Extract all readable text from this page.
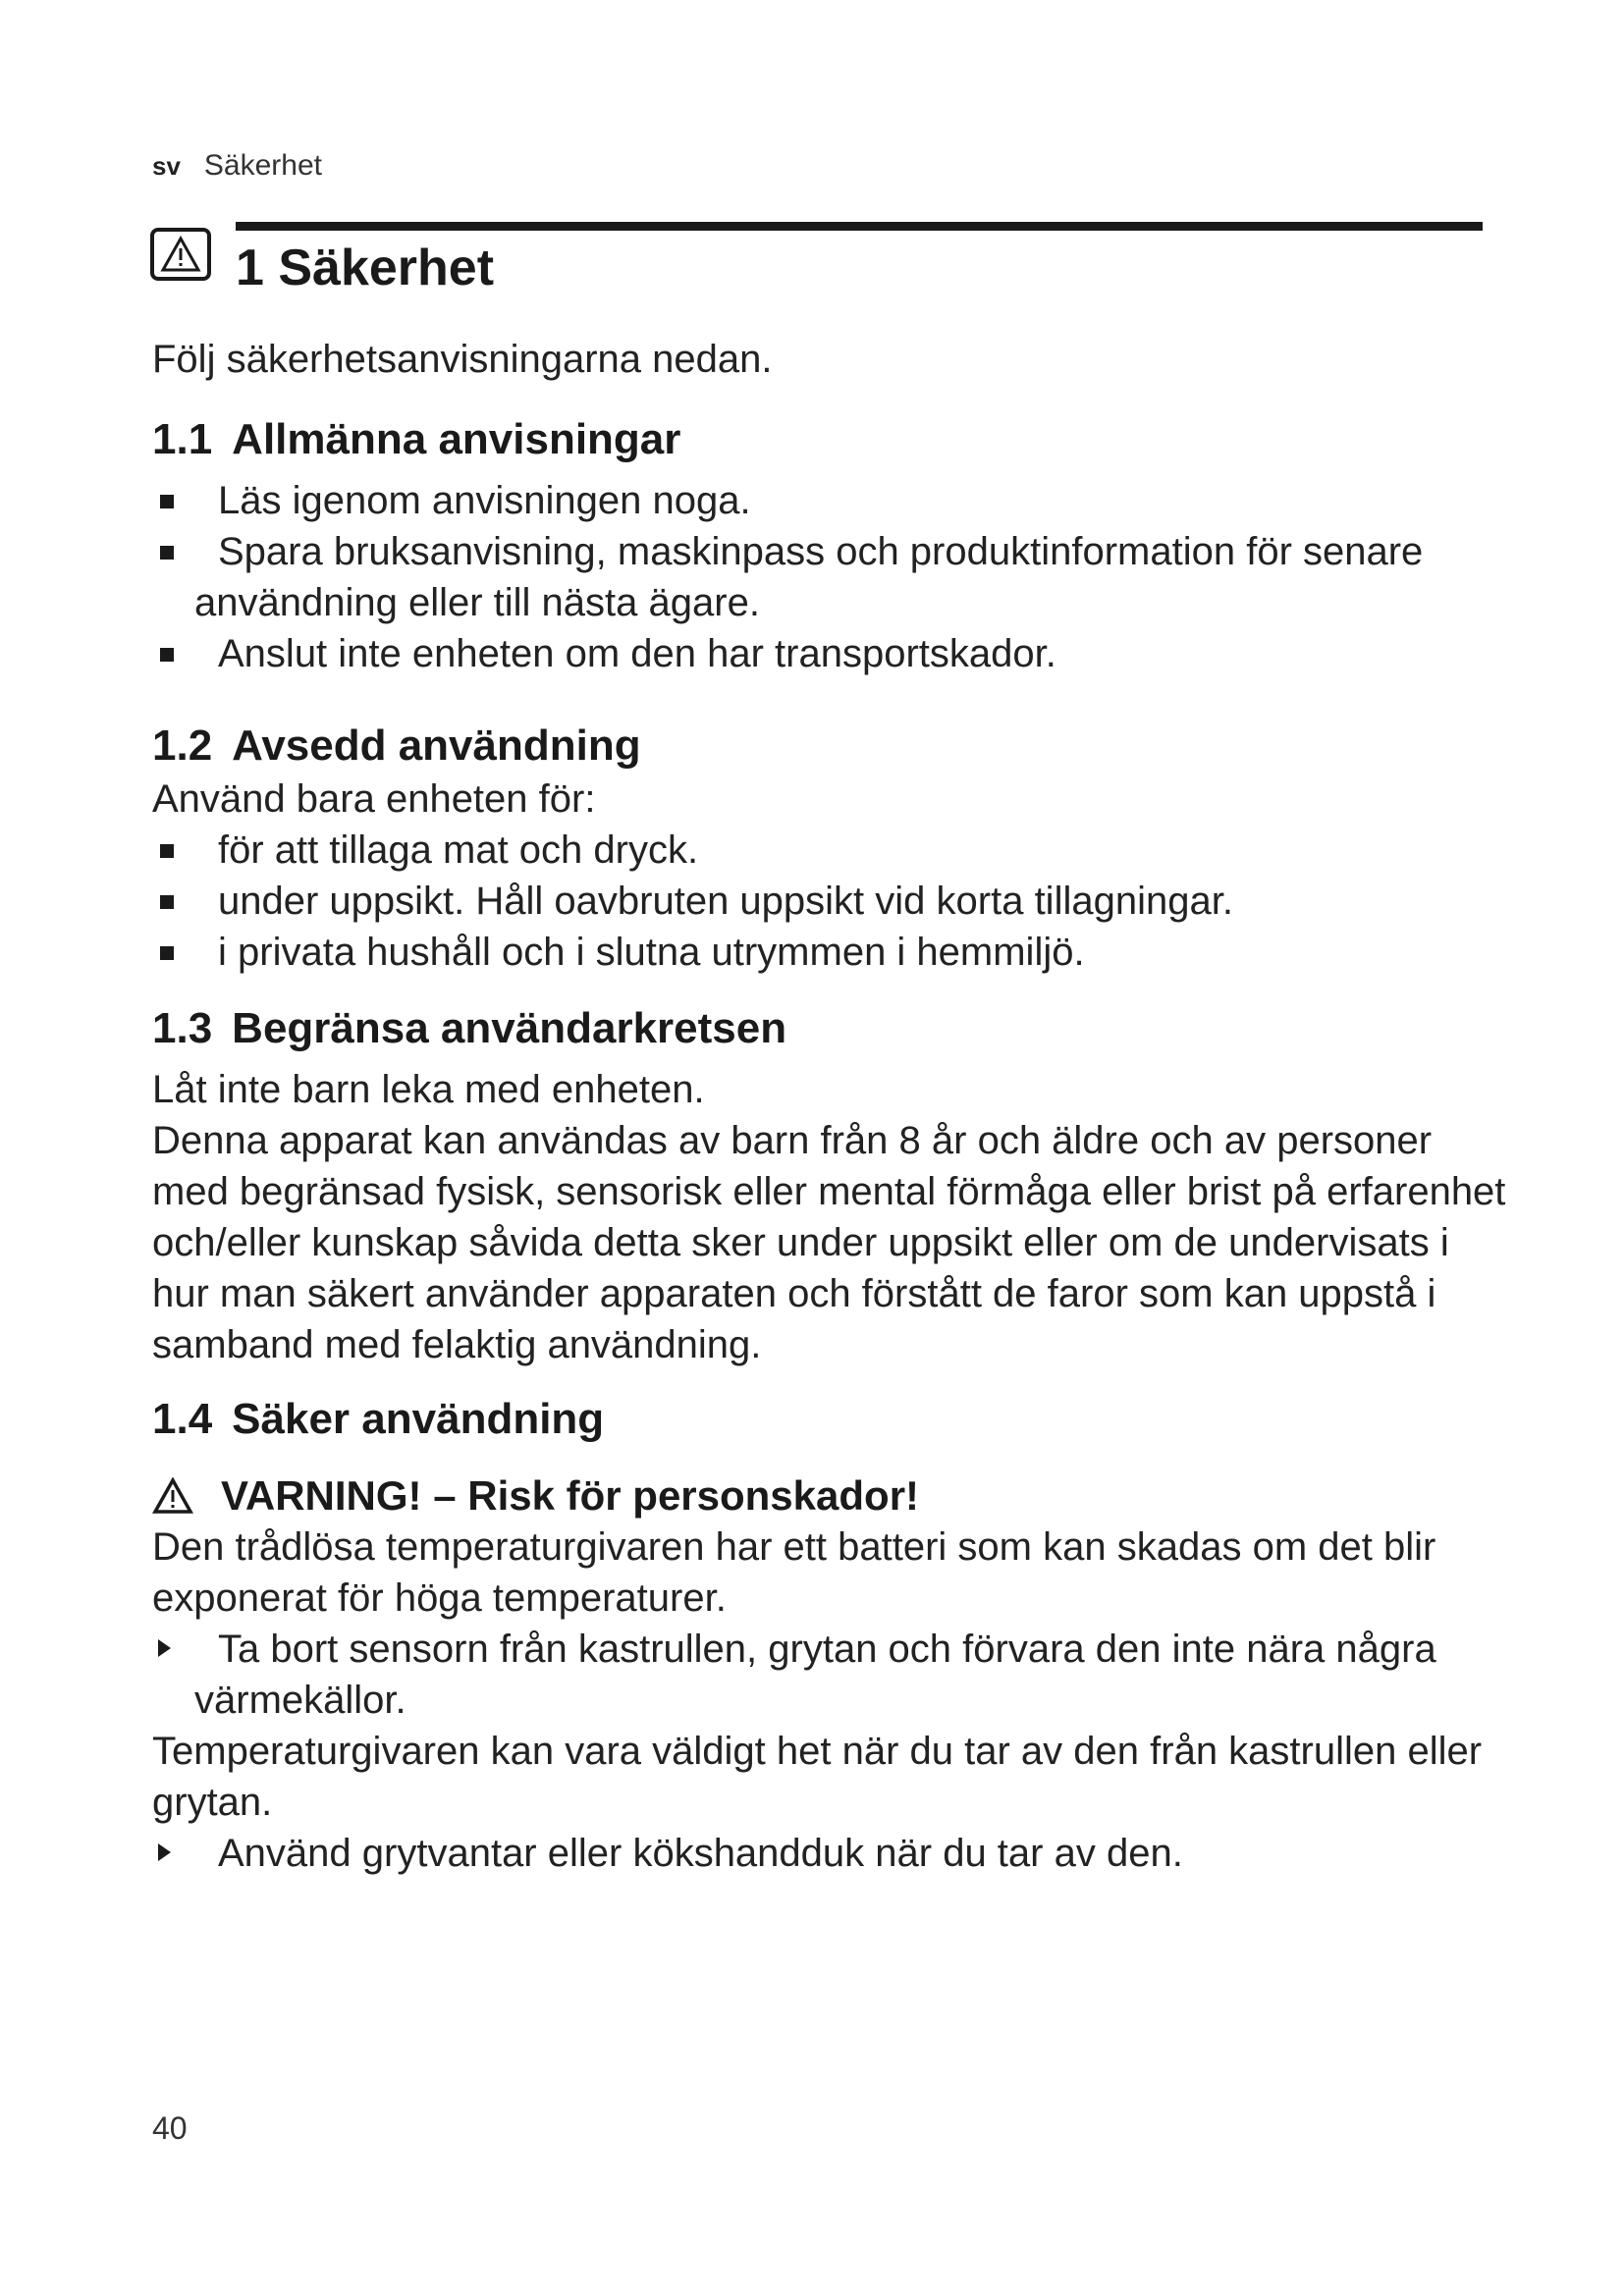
sv Säkerhet
1 Säkerhet

Följ säkerhetsanvisningarna nedan.

1.1 Allmänna anvisningar
Läs igenom anvisningen noga.
Spara bruksanvisning, maskinpass och produktinformation för senare användning eller till nästa ägare.
Anslut inte enheten om den har transportskador.
1.2 Avsedd användning

Använd bara enheten för:

för att tillaga mat och dryck.
under uppsikt. Håll oavbruten uppsikt vid korta tillagningar.
i privata hushåll och i slutna utrymmen i hemmiljö.
1.3 Begränsa användarkretsen

Låt inte barn leka med enheten.

Denna apparat kan användas av barn från 8 år och äldre och av personer med begränsad fysisk, sensorisk eller mental förmåga eller brist på erfarenhet och/eller kunskap såvida detta sker under uppsikt eller om de undervisats i hur man säkert använder apparaten och förstått de faror som kan uppstå i samband med felaktig användning.

1.4 Säker användning

VARNING! – Risk för personskador!

Den trådlösa temperaturgivaren har ett batteri som kan skadas om det blir exponerat för höga temperaturer.

Ta bort sensorn från kastrullen, grytan och förvara den inte nära några värmekällor.

Temperaturgivaren kan vara väldigt het när du tar av den från kastrullen eller grytan.

Använd grytvantar eller kökshandduk när du tar av den.
40
